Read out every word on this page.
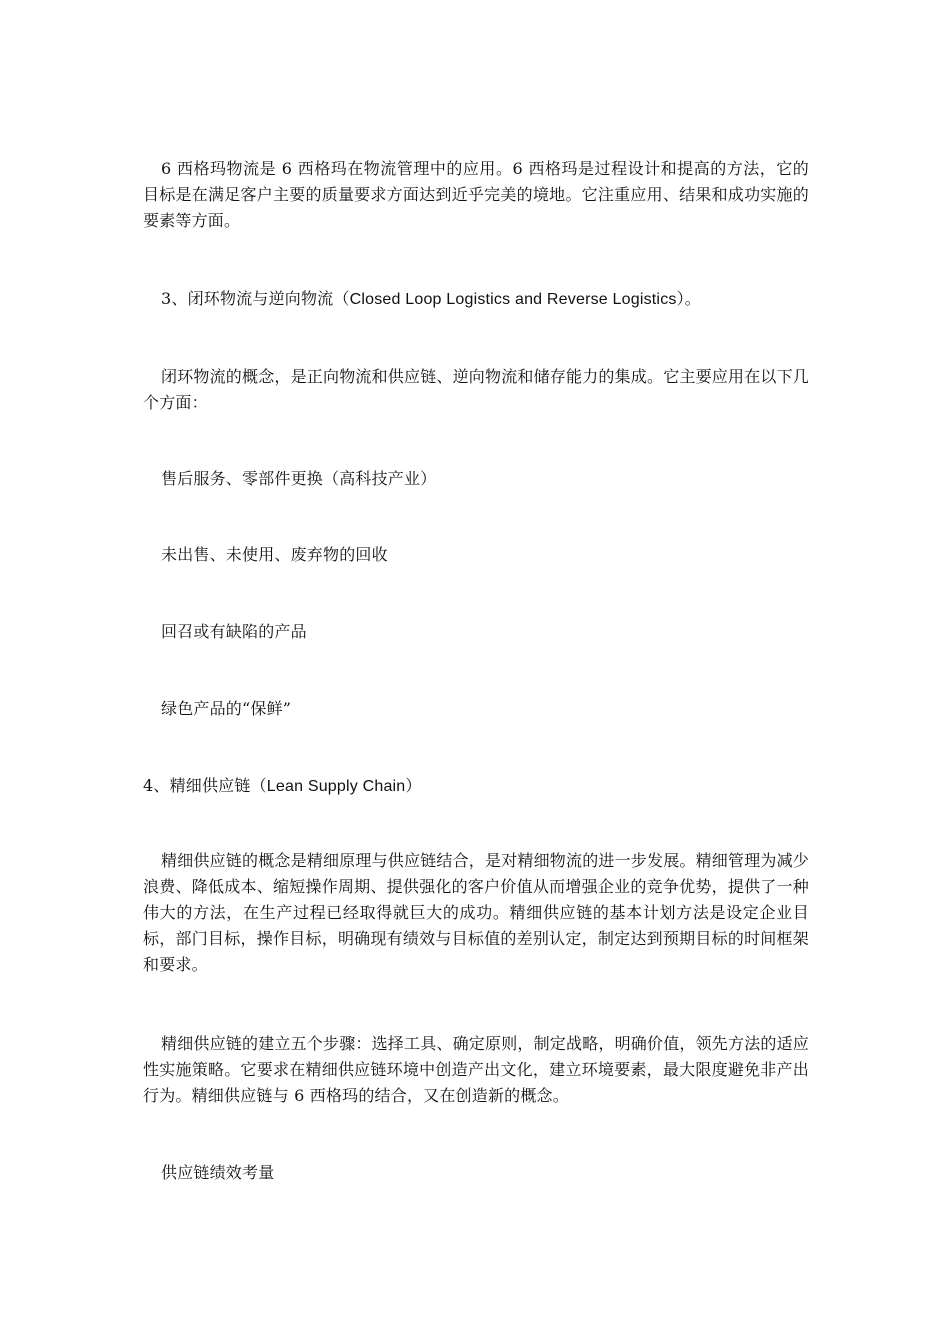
6 西格玛物流是 6 西格玛在物流管理中的应用。6 西格玛是过程设计和提高的方法，它的目标是在满足客户主要的质量要求方面达到近乎完美的境地。它注重应用、结果和成功实施的要素等方面。

3、闭环物流与逆向物流（Closed Loop Logistics and Reverse Logistics）。

闭环物流的概念，是正向物流和供应链、逆向物流和储存能力的集成。它主要应用在以下几个方面：

售后服务、零部件更换（高科技产业）

未出售、未使用、废弃物的回收

回召或有缺陷的产品

绿色产品的“保鲜”

4、精细供应链（Lean Supply Chain）

精细供应链的概念是精细原理与供应链结合，是对精细物流的进一步发展。精细管理为减少浪费、降低成本、缩短操作周期、提供强化的客户价值从而增强企业的竞争优势，提供了一种伟大的方法，在生产过程已经取得就巨大的成功。精细供应链的基本计划方法是设定企业目标，部门目标，操作目标，明确现有绩效与目标值的差别认定，制定达到预期目标的时间框架和要求。

精细供应链的建立五个步骤：选择工具、确定原则，制定战略，明确价值，领先方法的适应性实施策略。它要求在精细供应链环境中创造产出文化，建立环境要素，最大限度避免非产出行为。精细供应链与 6 西格玛的结合，又在创造新的概念。

供应链绩效考量
